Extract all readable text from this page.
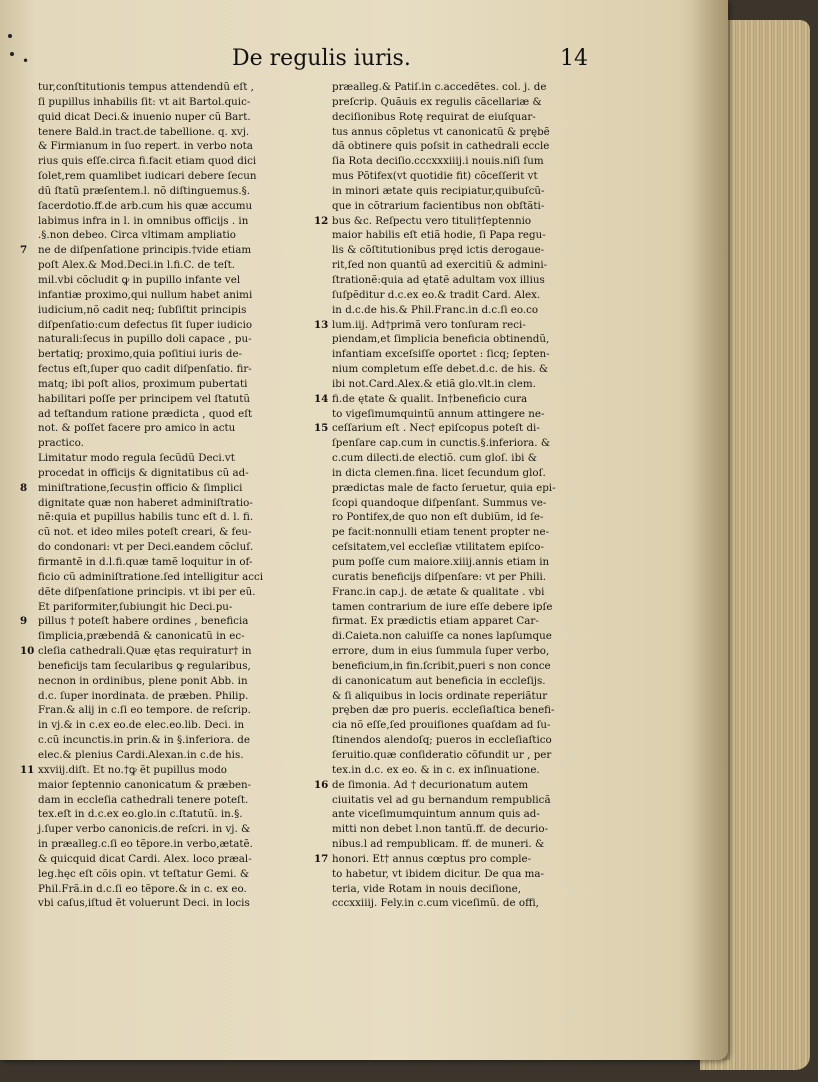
•	De regulis iuris.	14
tur,conſtitutionis tempus attendendũ eſt ,
ſi pupillus inhabilis ſit: vt ait Bartol.quic-
quid dicat Deci.& inuenio nuper cũ Bart.
tenere Bald.in tract.de tabellione. q. xvj.
& Firmianum in ſuo repert. in verbo nota
rius quis eſſe.circa fi.facit etiam quod dici
ſolet,rem quamlibet iudicari debere ſecun
dũ ſtatũ præſentem.l. nõ diſtinguemus.§.
ſacerdotio.ff.de arb.cum his quæ accumu
labimus infra in l. in omnibus officijs . in
.§.non debeo. Circa vltimam ampliatio
7 ne de diſpenſatione principis.†vide etiam
poſt Alex.& Mod.Deci.in l.fi.C. de teſt.
mil.vbi cõcludit ꝙ in pupillo infante vel
infantiæ proximo,qui nullum habet animi
iudicium,nõ cadit neq; ſubſiſtit principis
diſpenſatio:cum defectus ſit ſuper iudicio
naturali:ſecus in pupillo doli capace , pu-
bertatiq; proximo,quia poſitiui iuris de-
fectus eſt,ſuper quo cadit diſpenſatio. fir-
matq; ibi poſt alios, proximum pubertati
habilitari poſſe per principem vel ſtatutũ
ad teſtandum ratione prædicta , quod eſt
not. & poſſet facere pro amico in actu
practico.
Limitatur modo regula ſecũdũ Deci.vt
procedat in officijs & dignitatibus cũ ad-
8 miniſtratione,ſecus†in officio & ſimplici
dignitate quæ non haberet adminiſtratio-
nẽ:quia et pupillus habilis tunc eſt d. l. fi.
cũ not. et ideo miles poteſt creari, & feu-
do condonari: vt per Deci.eandem cõcluſ.
firmantẽ in d.l.fi.quæ tamẽ loquitur in of-
ficio cũ adminiſtratione.ſed intelligitur acci
dẽte diſpenſatione principis. vt ibi per eũ.
Et pariformiter,ſubiungit hic Deci.pu-
9 pillus † poteſt habere ordines , beneficia
ſimplicia,præbendã & canonicatũ in ec-
10 cleſia cathedrali.Quæ ętas requiratur† in
beneficijs tam ſecularibus ꝙ regularibus,
necnon in ordinibus, plene ponit Abb. in
d.c. ſuper inordinata. de præben. Philip.
Fran.& alij in c.ſi eo tempore. de reſcrip.
in vj.& in c.ex eo.de elec.eo.lib. Deci. in
c.cũ incunctis.in prin.& in §.inferiora. de
elec.& plenius Cardi.Alexan.in c.de his.
11 xxviij.diſt. Et no.†ꝙ ẽt pupillus modo
maior ſeptennio canonicatum & præben-
dam in eccleſia cathedrali tenere poteſt.
tex.eſt in d.c.ex eo.glo.in c.ſtatutũ. in.§.
j.ſuper verbo canonicis.de reſcri. in vj. &
in præalleg.c.ſi eo tẽpore.in verbo,ætatẽ.
& quicquid dicat Cardi. Alex. loco præal-
leg.hęc eſt cõis opin. vt teſtatur Gemi. &
Phil.Frã.in d.c.ſi eo tẽpore.& in c. ex eo.
vbi caſus,iſtud ẽt voluerunt Deci. in locis
præalleg.& Patiſ.in c.accedẽtes. col. j. de
preſcrip. Quãuis ex regulis cãcellariæ &
deciſionibus Rotę requirat de eiuſquar-
tus annus cõpletus vt canonicatũ & prębẽ
dã obtinere quis poſsit in cathedrali eccle
ſia Rota deciſio.cccxxxiiij.i nouis.niſi ſum
mus Põtifex(vt quotidie fit) cõceſſerit vt
in minori ætate quis recipiatur,quibuſcũ-
que in cõtrarium facientibus non obſtãti-
12 bus &c. Reſpectu vero tituli†ſeptennio
maior habilis eſt etiã hodie, ſi Papa regu-
lis & cõſtitutionibus pręd ictis derogaue-
rit,ſed non quantũ ad exercitiũ & admini-
ſtrationẽ:quia ad ętatẽ adultam vox illius
ſuſpẽditur d.c.ex eo.& tradit Card. Alex.
in d.c.de his.& Phil.Franc.in d.c.ſi eo.co
13 lum.iij. Ad†primã vero tonſuram reci-
piendam,et ſimplicia beneficia obtinendũ,
infantiam exceſsiſſe oportet : ſicq; ſepten-
nium completum eſſe debet.d.c. de his. &
ibi not.Card.Alex.& etiã glo.vlt.in clem.
14 fi.de ętate & qualit. In†beneficio cura
to vigeſimumquintũ annum attingere ne-
15 ceſſarium eſt . Nec† epiſcopus poteſt di-
ſpenſare cap.cum in cunctis.§.inferiora. &
c.cum dilecti.de electiõ. cum gloſ. ibi &
in dicta clemen.fina. licet ſecundum gloſ.
prædictas male de facto ſeruetur, quia epi-
ſcopi quandoque diſpenſant. Summus ve-
ro Pontifex,de quo non eſt dubiũm, id ſe-
pe facit:nonnulli etiam tenent propter ne-
ceſsitatem,vel eccleſiæ vtilitatem epiſco-
pum poſſe cum maiore.xiiij.annis etiam in
curatis beneficijs diſpenſare: vt per Phili.
Franc.in cap.j. de ætate & qualitate . vbi
tamen contrarium de iure eſſe debere ipſe
firmat. Ex prædictis etiam apparet Car-
di.Caieta.non caluiſſe ca nones lapſumque
errore, dum in eius ſummula ſuper verbo,
beneficium,in fin.ſcribit,pueri s non conce
di canonicatum aut beneficia in eccleſijs.
& ſi aliquibus in locis ordinate reperiãtur
pręben dæ pro pueris. eccleſiaſtica benefi-
cia nõ eſſe,ſed prouiſiones quaſdam ad ſu-
ſtinendos alendoſq; pueros in eccleſiaſtico
ſeruitio.quæ conſideratio cõfundit ur , per
tex.in d.c. ex eo. & in c. ex inſinuatione.
16 de ſimonia. Ad † decurionatum autem
ciuitatis vel ad gu bernandum rempublicã
ante viceſimumquintum annum quis ad-
mitti non debet l.non tantũ.ff. de decurio-
nibus.l ad rempublicam. ff. de muneri. &
17 honori. Et† annus cœptus pro comple-
to habetur, vt ibidem dicitur. De qua ma-
teria, vide Rotam in nouis deciſione,
cccxxiiij. Fely.in c.cum viceſimũ. de offi,
